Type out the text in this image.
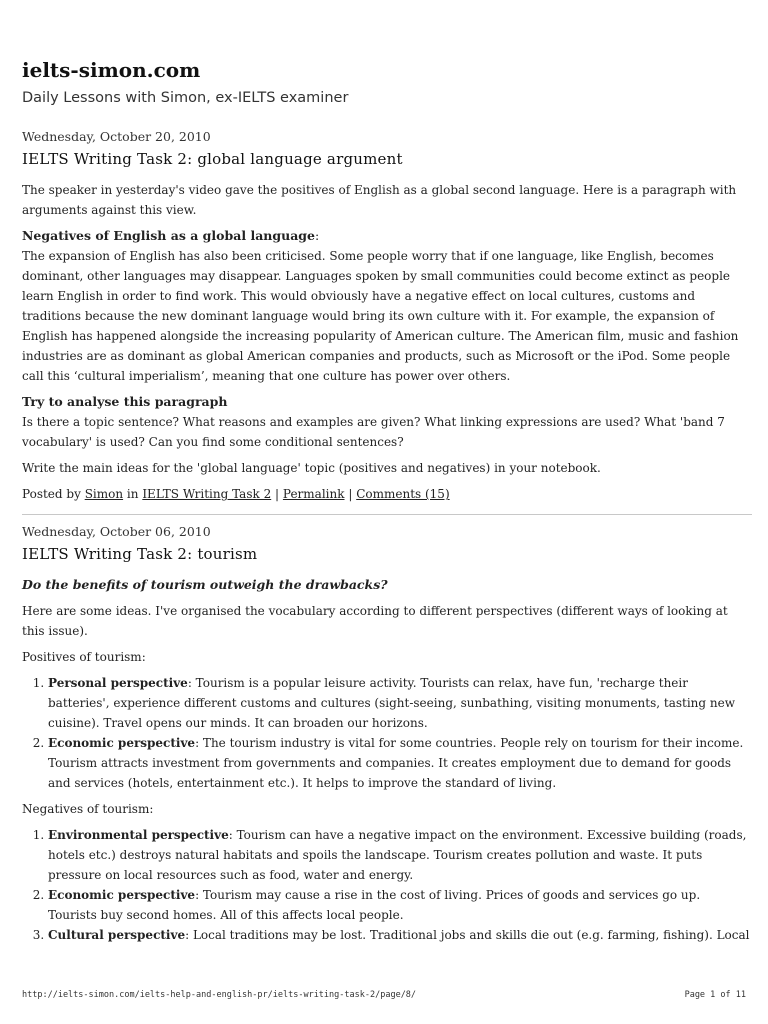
ielts-simon.com
Daily Lessons with Simon, ex-IELTS examiner
Wednesday, October 20, 2010
IELTS Writing Task 2: global language argument

The speaker in yesterday's video gave the positives of English as a global second language. Here is a paragraph with arguments against this view.

Negatives of English as a global language:

The expansion of English has also been criticised. Some people worry that if one language, like English, becomes dominant, other languages may disappear. Languages spoken by small communities could become extinct as people learn English in order to find work. This would obviously have a negative effect on local cultures, customs and traditions because the new dominant language would bring its own culture with it. For example, the expansion of English has happened alongside the increasing popularity of American culture. The American film, music and fashion industries are as dominant as global American companies and products, such as Microsoft or the iPod. Some people call this ‘cultural imperialism’, meaning that one culture has power over others.

Try to analyse this paragraph

Is there a topic sentence? What reasons and examples are given? What linking expressions are used? What 'band 7 vocabulary' is used? Can you find some conditional sentences?

Write the main ideas for the 'global language' topic (positives and negatives) in your notebook.

Posted by Simon in IELTS Writing Task 2 | Permalink | Comments (15)
Wednesday, October 06, 2010
IELTS Writing Task 2: tourism
Do the benefits of tourism outweigh the drawbacks?

Here are some ideas. I've organised the vocabulary according to different perspectives (different ways of looking at this issue).

Positives of tourism:

1. Personal perspective: Tourism is a popular leisure activity. Tourists can relax, have fun, 'recharge their batteries', experience different customs and cultures (sight-seeing, sunbathing, visiting monuments, tasting new cuisine). Travel opens our minds. It can broaden our horizons.
2. Economic perspective: The tourism industry is vital for some countries. People rely on tourism for their income. Tourism attracts investment from governments and companies. It creates employment due to demand for goods and services (hotels, entertainment etc.). It helps to improve the standard of living.

Negatives of tourism:

1. Environmental perspective: Tourism can have a negative impact on the environment. Excessive building (roads, hotels etc.) destroys natural habitats and spoils the landscape. Tourism creates pollution and waste. It puts pressure on local resources such as food, water and energy.
2. Economic perspective: Tourism may cause a rise in the cost of living. Prices of goods and services go up. Tourists buy second homes. All of this affects local people.
3. Cultural perspective: Local traditions may be lost. Traditional jobs and skills die out (e.g. farming, fishing). Local
http://ielts-simon.com/ielts-help-and-english-pr/ielts-writing-task-2/page/8/	Page 1 of 11
